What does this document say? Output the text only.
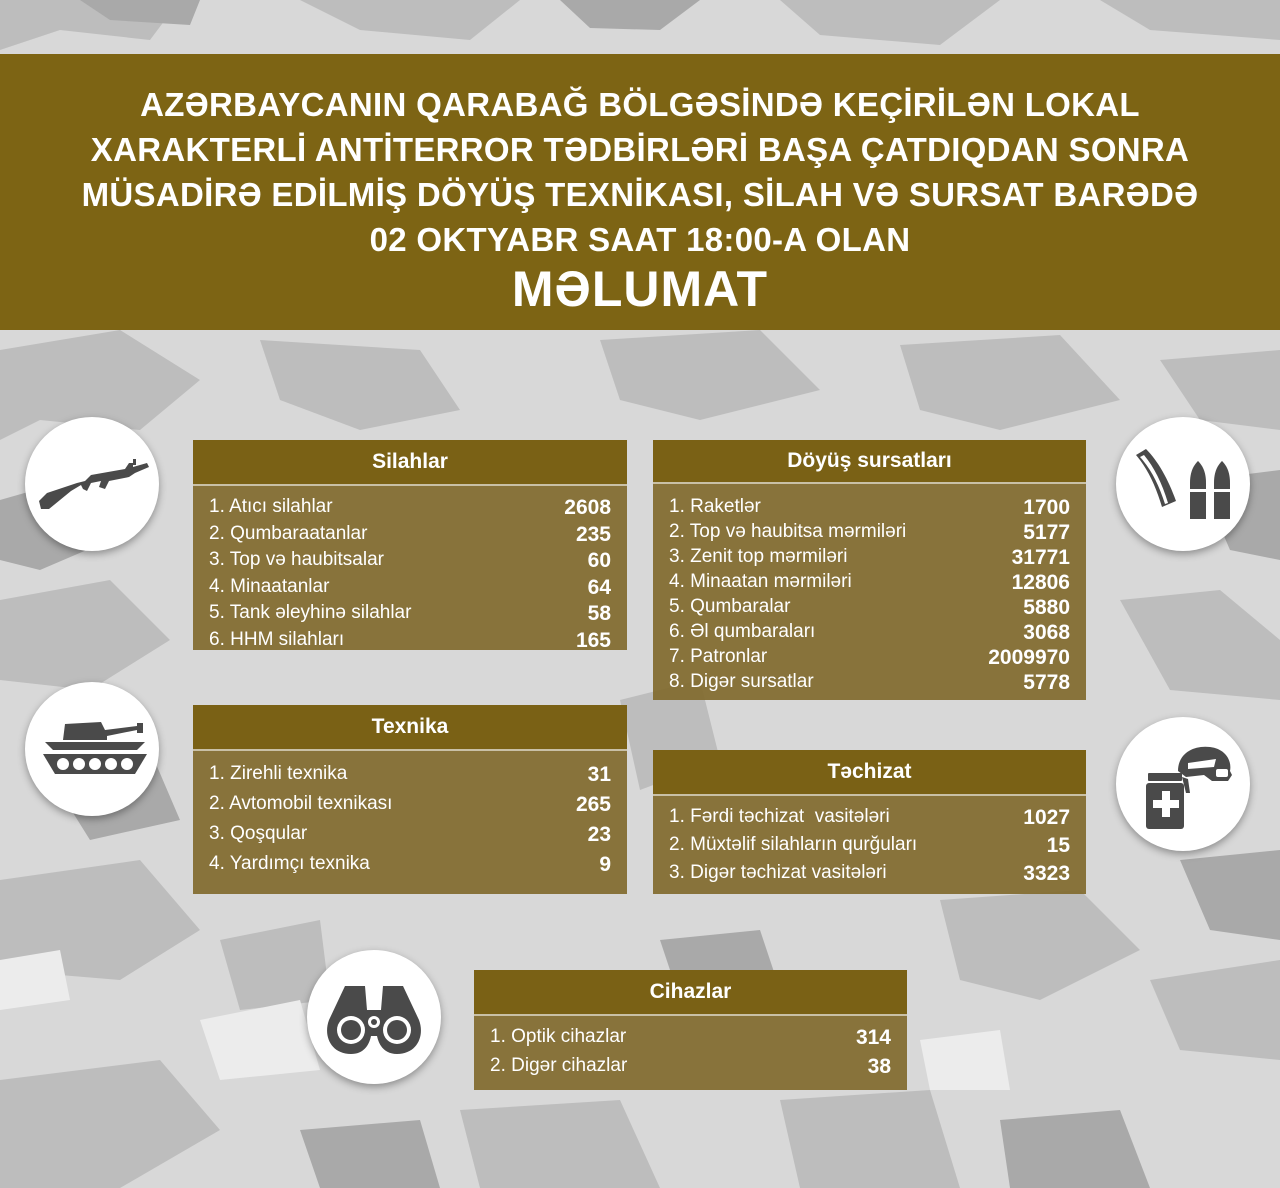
AZƏRBAYCANIN QARABAĞ BÖLGƏSİNDƏ KEÇİRİLƏN LOKAL XARAKTERLİ ANTİTERROR TƏDBİRLƏRİ BAŞA ÇATDIQDAN SONRA MÜSADİRƏ EDİLMİŞ DÖYÜŞ TEXNİKASI, SİLAH VƏ SURSAT BARƏDƏ 02 OKTYABR SAAT 18:00-A OLAN
MƏLUMAT
Silahlar
1. Atıcı silahlar	2608
2. Qumbaraatanlar	235
3. Top və haubitsalar	60
4. Minaatanlar	64
5. Tank əleyhinə silahlar	58
6. HHM silahları	165
Döyüş sursatları
1. Raketlər	1700
2. Top və haubitsa mərmiləri	5177
3. Zenit top mərmiləri	31771
4. Minaatan mərmiləri	12806
5. Qumbaralar	5880
6. Əl qumbaraları	3068
7. Patronlar	2009970
8. Digər sursatlar	5778
Texnika
1. Zirehli texnika	31
2. Avtomobil texnikası	265
3. Qoşqular	23
4. Yardımçı texnika	9
Təchizat
1. Fərdi təchizat  vasitələri	1027
2. Müxtəlif silahların qurğuları	15
3. Digər təchizat vasitələri	3323
Cihazlar
1. Optik cihazlar	314
2. Digər cihazlar	38
